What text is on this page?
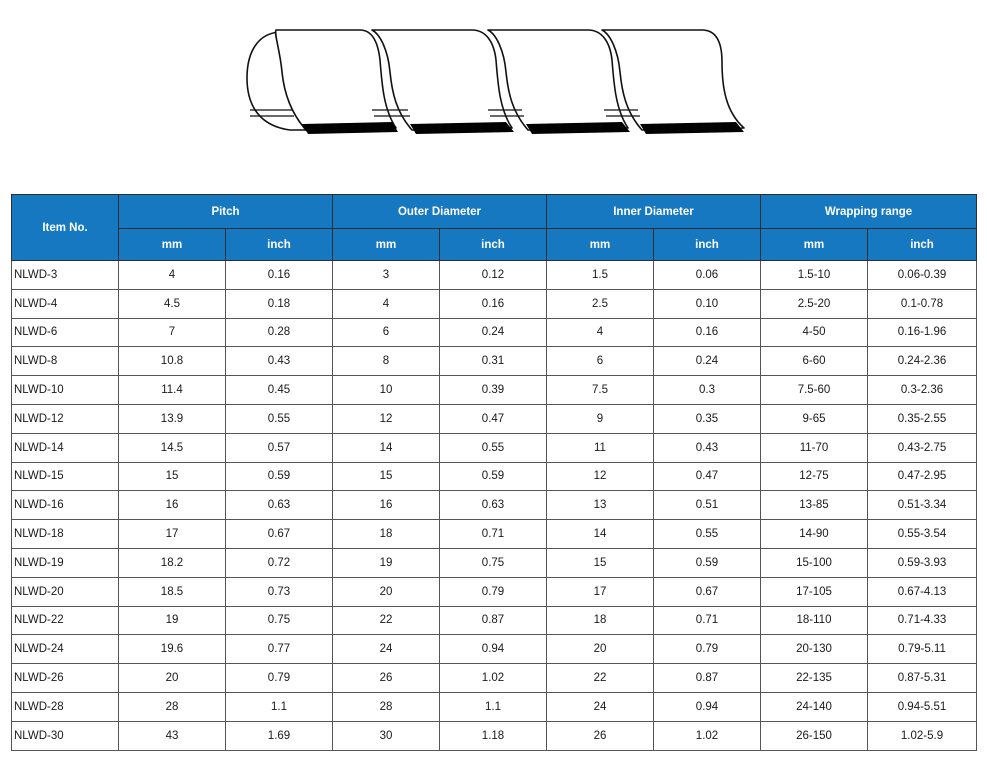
Item No.	Pitch		Outer Diameter		Inner Diameter		Wrapping range	
	mm	inch	mm	inch	mm	inch	mm	inch
NLWD-3	4	0.16	3	0.12	1.5	0.06	1.5-10	0.06-0.39
NLWD-4	4.5	0.18	4	0.16	2.5	0.10	2.5-20	0.1-0.78
NLWD-6	7	0.28	6	0.24	4	0.16	4-50	0.16-1.96
NLWD-8	10.8	0.43	8	0.31	6	0.24	6-60	0.24-2.36
NLWD-10	11.4	0.45	10	0.39	7.5	0.3	7.5-60	0.3-2.36
NLWD-12	13.9	0.55	12	0.47	9	0.35	9-65	0.35-2.55
NLWD-14	14.5	0.57	14	0.55	11	0.43	11-70	0.43-2.75
NLWD-15	15	0.59	15	0.59	12	0.47	12-75	0.47-2.95
NLWD-16	16	0.63	16	0.63	13	0.51	13-85	0.51-3.34
NLWD-18	17	0.67	18	0.71	14	0.55	14-90	0.55-3.54
NLWD-19	18.2	0.72	19	0.75	15	0.59	15-100	0.59-3.93
NLWD-20	18.5	0.73	20	0.79	17	0.67	17-105	0.67-4.13
NLWD-22	19	0.75	22	0.87	18	0.71	18-110	0.71-4.33
NLWD-24	19.6	0.77	24	0.94	20	0.79	20-130	0.79-5.11
NLWD-26	20	0.79	26	1.02	22	0.87	22-135	0.87-5.31
NLWD-28	28	1.1	28	1.1	24	0.94	24-140	0.94-5.51
NLWD-30	43	1.69	30	1.18	26	1.02	26-150	1.02-5.9
